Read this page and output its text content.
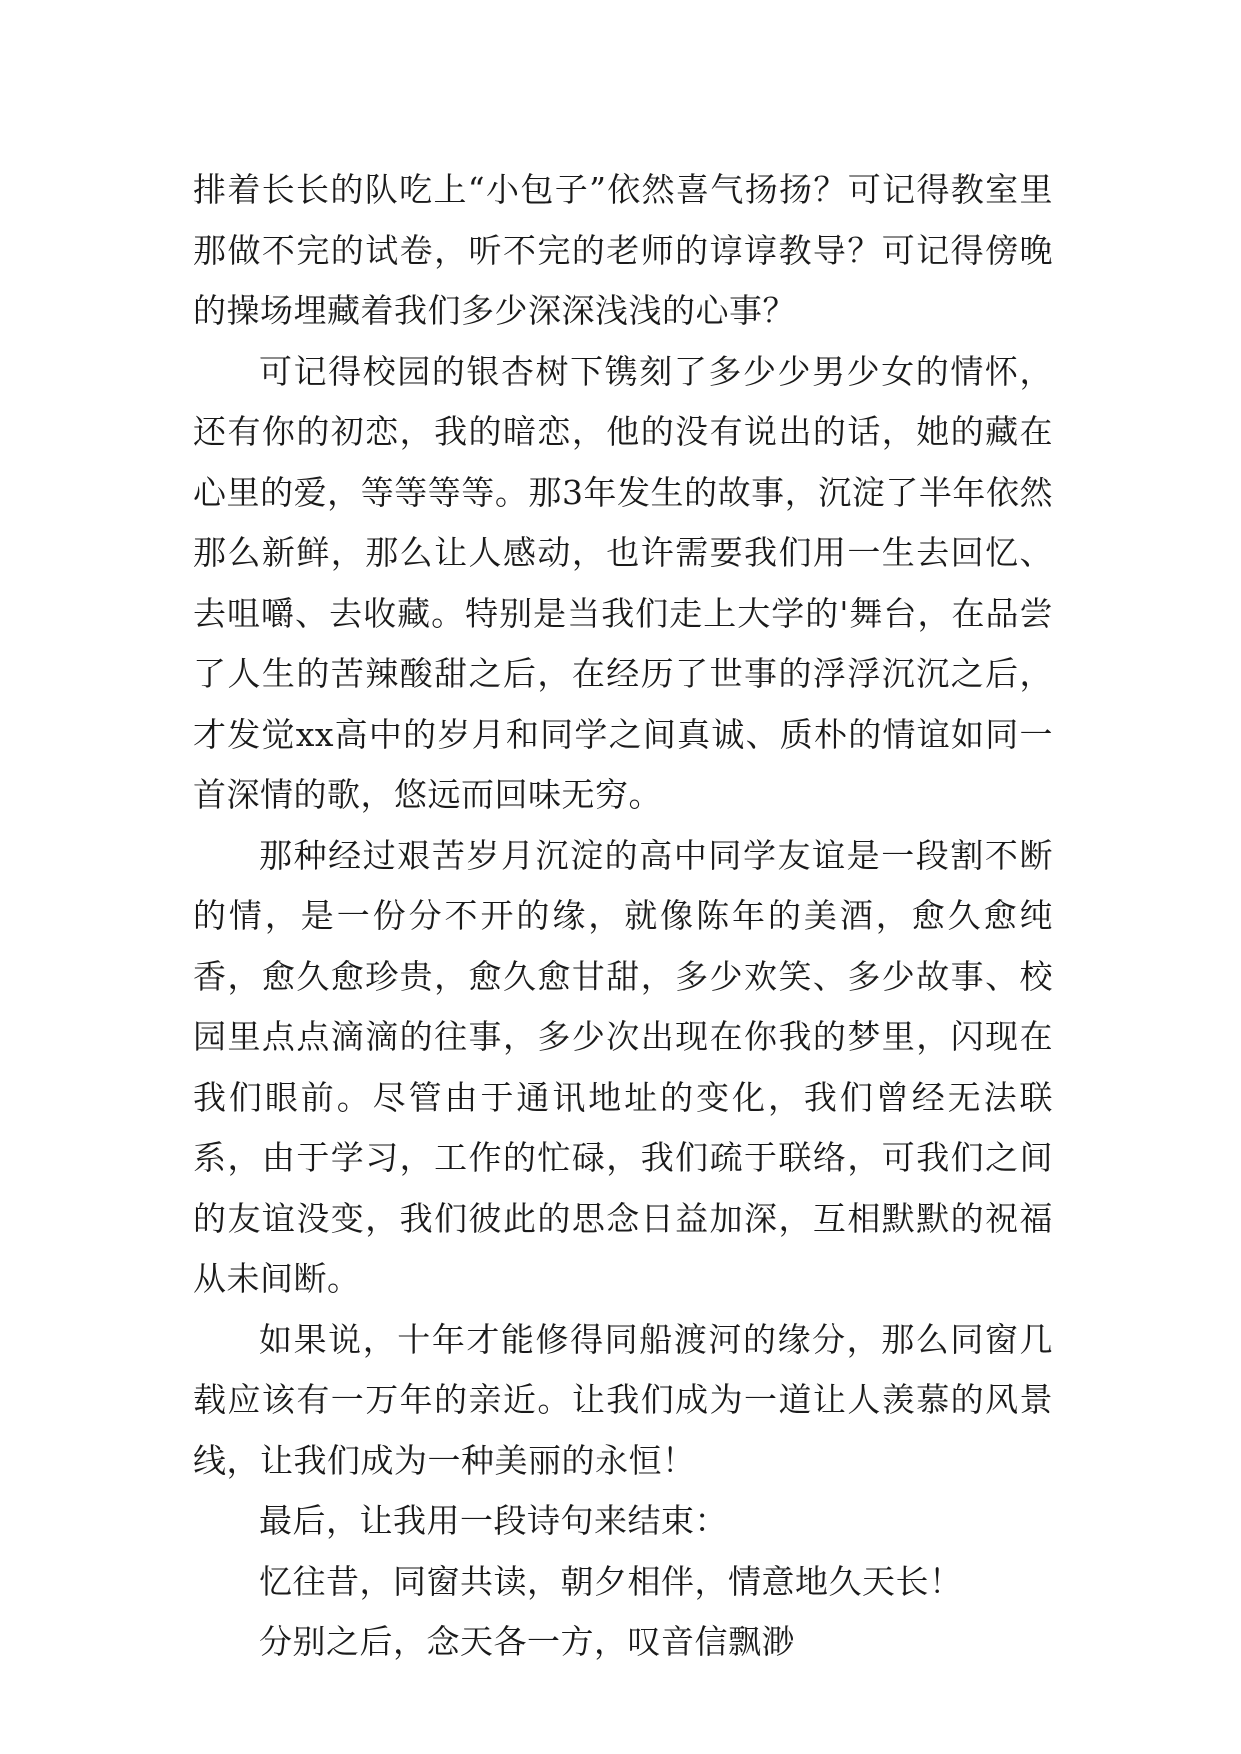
排着长长的队吃上“小包子”依然喜气扬扬？可记得教室里那做不完的试卷，听不完的老师的谆谆教导？可记得傍晚的操场埋藏着我们多少深深浅浅的心事？

可记得校园的银杏树下镌刻了多少少男少女的情怀，还有你的初恋，我的暗恋，他的没有说出的话，她的藏在心里的爱，等等等等。那3年发生的故事，沉淀了半年依然那么新鲜，那么让人感动，也许需要我们用一生去回忆、去咀嚼、去收藏。特别是当我们走上大学的'舞台，在品尝了人生的苦辣酸甜之后，在经历了世事的浮浮沉沉之后，才发觉xx高中的岁月和同学之间真诚、质朴的情谊如同一首深情的歌，悠远而回味无穷。

那种经过艰苦岁月沉淀的高中同学友谊是一段割不断的情，是一份分不开的缘，就像陈年的美酒，愈久愈纯香，愈久愈珍贵，愈久愈甘甜，多少欢笑、多少故事、校园里点点滴滴的往事，多少次出现在你我的梦里，闪现在我们眼前。尽管由于通讯地址的变化，我们曾经无法联系，由于学习，工作的忙碌，我们疏于联络，可我们之间的友谊没变，我们彼此的思念日益加深，互相默默的祝福从未间断。

如果说，十年才能修得同船渡河的缘分，那么同窗几载应该有一万年的亲近。让我们成为一道让人羡慕的风景线，让我们成为一种美丽的永恒！

最后，让我用一段诗句来结束：

忆往昔，同窗共读，朝夕相伴，情意地久天长！

分别之后，念天各一方，叹音信飘渺
